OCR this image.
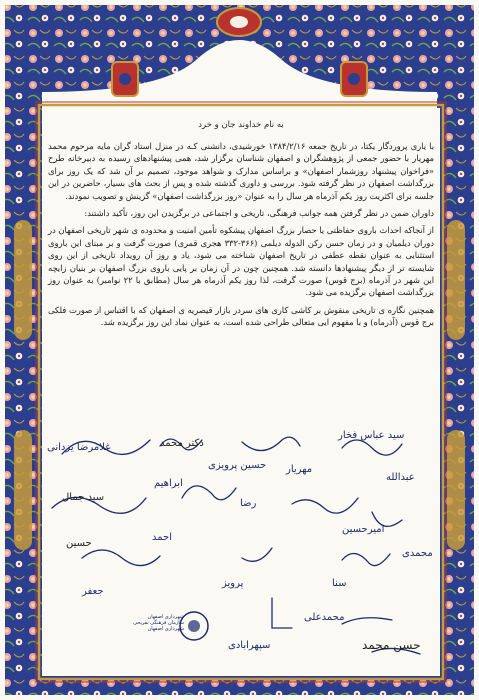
به نام خداوند جان و خرد

با یاری پروردگار یکتا، در تاریخ جمعه ۱۳۸۴/۲/۱۶ خورشیدی، دانشنی کـه در منزل استاد گران مایه مرحوم محمد مهریار با حضور جمعی از پژوهشگران و اصفهان شناسان برگزار شد، همی پیشنهادهای رسیده به دبیرخانه طرح «فراخوان پیشنهاد روزشمار اصفهان» و براساس مدارک و شواهد موجود، تصمیم بر آن شد که یک روز برای بزرگداشت اصفهان در نظر گرفته شود. بررسی و داوری گذشته شده و پس از بحث های بسیار، حاضرین در این جلسه برای اکثریت روز یکم آذرماه هر سال را به عنوان «روز بزرگداشت اصفهان» گزینش و تصویب نمودند.

داوران ضمن در نظر گرفتن همه جوانب فرهنگی، تاریخی و اجتماعی در برگزیدن این روز، تأکید داشتند:

از آنجاکه احداث باروی حفاظتی یا حصار بزرگ اصفهان پیشکوه تأمین امنیت و محدوده ی شهر تاریخی اصفهان در دوران دیلمیان و در زمان حسن رکن الدوله دیلمی (۳۶۶-۳۳۲ هجری قمری) صورت گرفت و بر مبنای این باروی استثنایی به عنوان نقطه عطفی در تاریخ اصفهان شناخته می شود، یاد و روز آن رویداد تاریخی از این روی شایسته تر از دیگر پیشنهادها دانسته شد. همچنین چون در آن زمان بر پایی باروی بزرگ اصفهان بر بنیان زایچه این شهر در آذرماه (برج قوس) صورت گرفت، لذا روز یکم آذرماه هر سال (مطابق با ۲۲ نوامبر) به عنوان روز بزرگداشت اصفهان برگزیده می شود.

همچنین نگاره ی تاریخی منقوش بر کاشی کاری های سردر بازار قیصریه ی اصفهان که با اقتباس از صورت فلکی برج قوس (آذرماه) و با مفهوم ایی متعالی طراحی شده است، به عنوان نماد این روز برگزیده شد.

سید عباس فخار
دکتر محمد
غلامرضا یزدانی
مهریار
حسین پرویزی
عبدالله
ابراهیم
سید جمال
رضا
امیرحسین
احمد
حسین
محمدی
سنا
پرویز
جعفر
محمدعلی
سپهرابادی	حسن محمد
شهرداری اصفهان
سازمان فرهنگی تفریحی
شهرداری اصفهان
